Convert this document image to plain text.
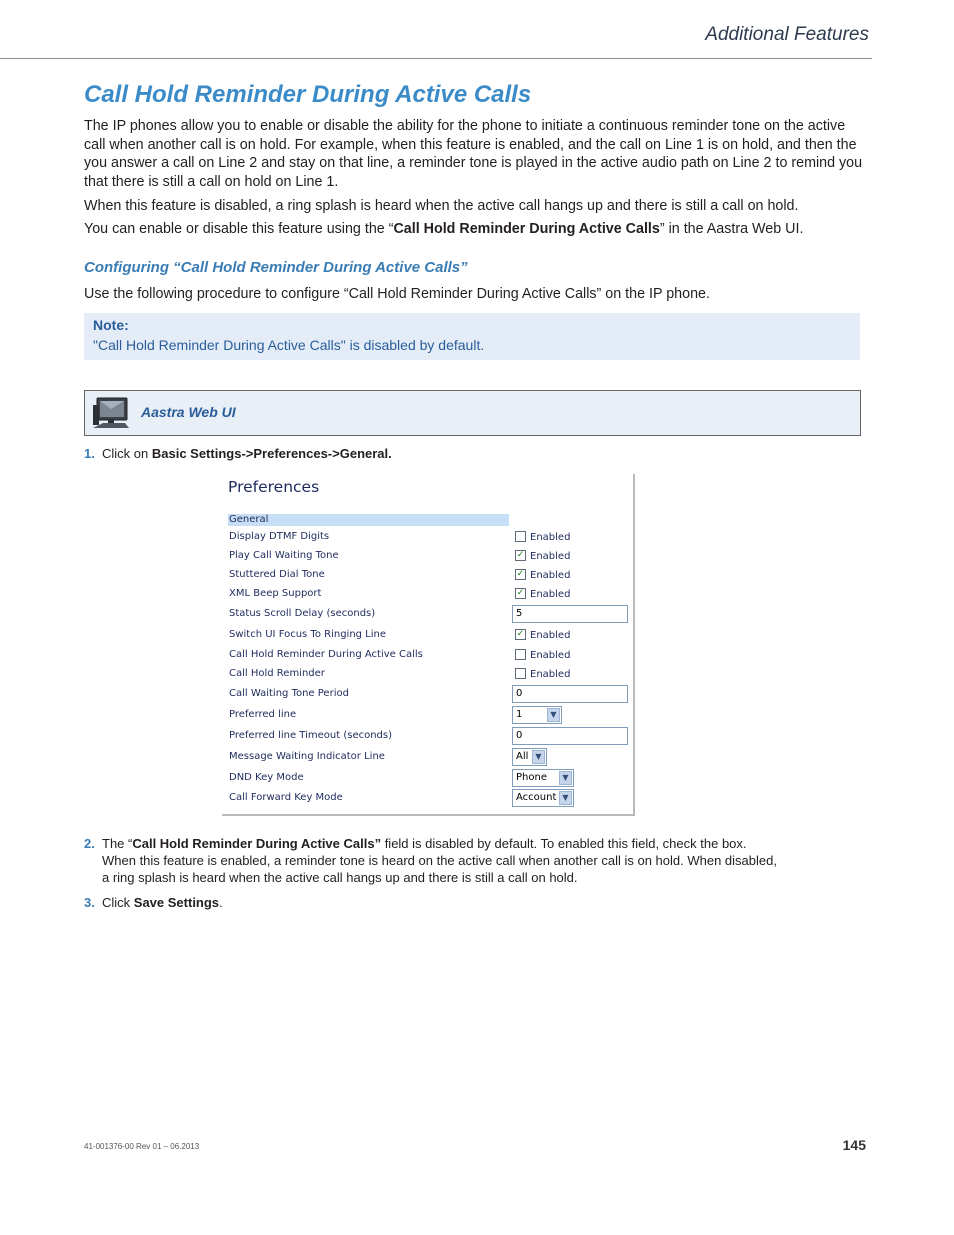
Additional Features
Call Hold Reminder During Active Calls

The IP phones allow you to enable or disable the ability for the phone to initiate a continuous reminder tone on the active call when another call is on hold. For example, when this feature is enabled, and the call on Line 1 is on hold, and then the you answer a call on Line 2 and stay on that line, a reminder tone is played in the active audio path on Line 2 to remind you that there is still a call on hold on Line 1.

When this feature is disabled, a ring splash is heard when the active call hangs up and there is still a call on hold.

You can enable or disable this feature using the “Call Hold Reminder During Active Calls” in the Aastra Web UI.

Configuring “Call Hold Reminder During Active Calls”

Use the following procedure to configure “Call Hold Reminder During Active Calls” on the IP phone.

Note:
"Call Hold Reminder During Active Calls" is disabled by default.
Aastra Web UI
1. Click on Basic Settings->Preferences->General.
Preferences
General
Display DTMF Digits	Enabled
Play Call Waiting Tone	✓ Enabled
Stuttered Dial Tone	✓ Enabled
XML Beep Support	✓ Enabled
Status Scroll Delay (seconds)	5
Switch UI Focus To Ringing Line	✓ Enabled
Call Hold Reminder During Active Calls	Enabled
Call Hold Reminder	Enabled
Call Waiting Tone Period	0
Preferred line	1	▼
Preferred line Timeout (seconds)	0
Message Waiting Indicator Line	All ▼
DND Key Mode	Phone	▼
Call Forward Key Mode	Account ▼
2. The “Call Hold Reminder During Active Calls” field is disabled by default. To enabled this field, check the box.
When this feature is enabled, a reminder tone is heard on the active call when another call is on hold. When disabled,
a ring splash is heard when the active call hangs up and there is still a call on hold.
3. Click Save Settings.
41-001376-00 Rev 01 – 06.2013	145
